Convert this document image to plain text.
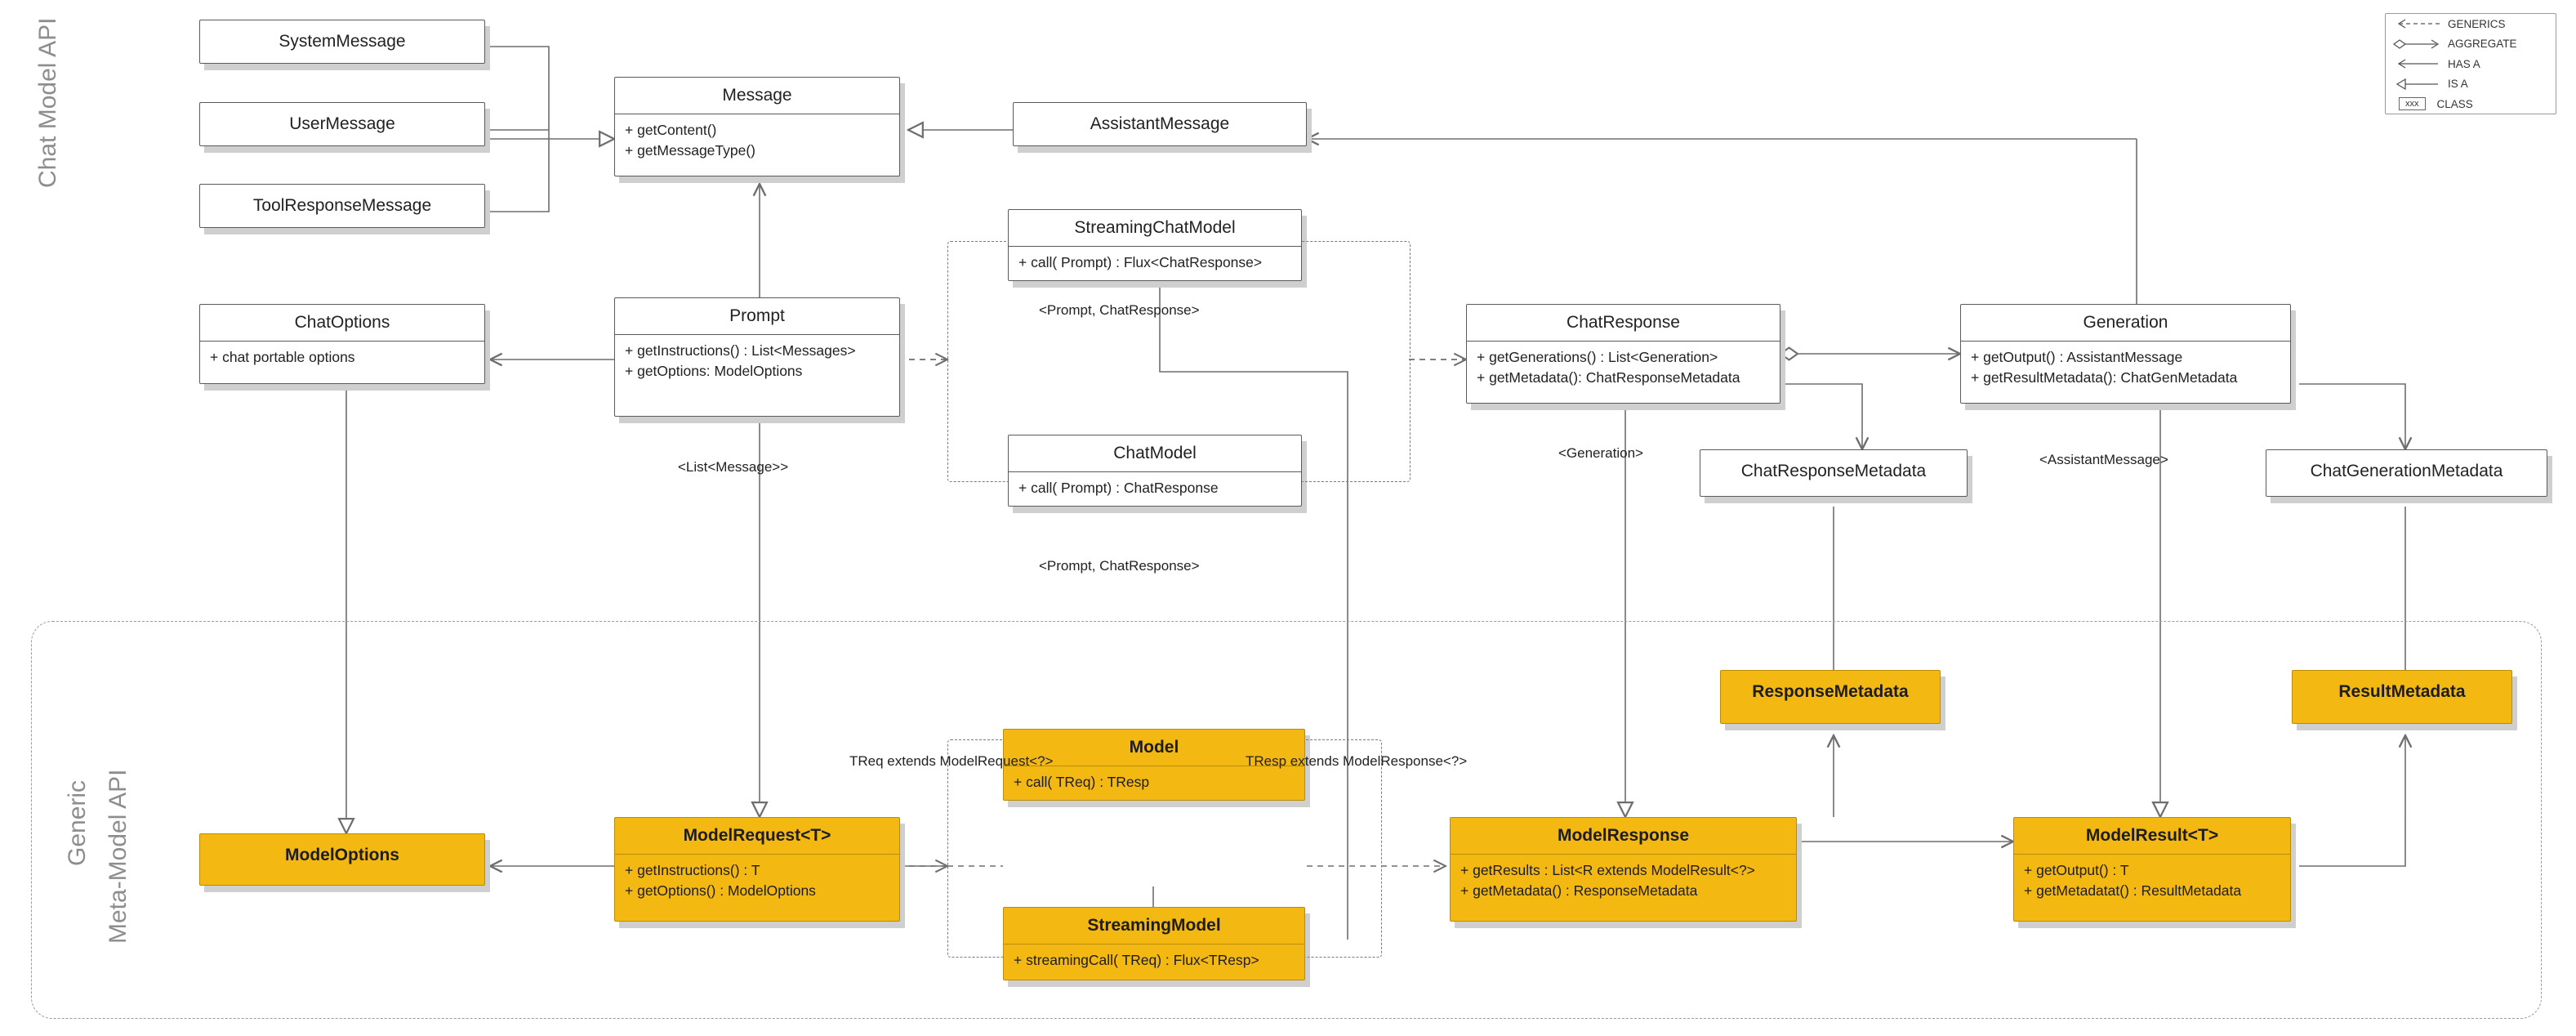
Chat Model API
Generic Meta-Model API
SystemMessage
UserMessage
ToolResponseMessage
Message
+ getContent()
+ getMessageType()
AssistantMessage
ChatOptions
+ chat portable options
Prompt
+ getInstructions() : List<Messages>
+ getOptions: ModelOptions
StreamingChatModel
+ call( Prompt) : Flux<ChatResponse>
ChatModel
+ call( Prompt) : ChatResponse
ChatResponse
+ getGenerations() : List<Generation>
+ getMetadata(): ChatResponseMetadata
Generation
+ getOutput() : AssistantMessage
+ getResultMetadata(): ChatGenMetadata
ChatResponseMetadata	ChatGenerationMetadata
ModelOptions
ModelRequest<T>
+ getInstructions() : T
+ getOptions() : ModelOptions
Model
+ call( TReq) : TResp
StreamingModel
+ streamingCall( TReq) : Flux<TResp>
ModelResponse
+ getResults : List<R extends ModelResult<?>
+ getMetadata() : ResponseMetadata
ModelResult<T>
+ getOutput() : T
+ getMetadatat() : ResultMetadata
ResponseMetadata	ResultMetadata
<Prompt, ChatResponse>
<List<Message>>
<Prompt, ChatResponse>
<Generation>	<AssistantMessage>
TReq extends ModelRequest<?>	TResp extends ModelResponse<?>
GENERICS
AGGREGATE
HAS A
IS A
xxx	CLASS
